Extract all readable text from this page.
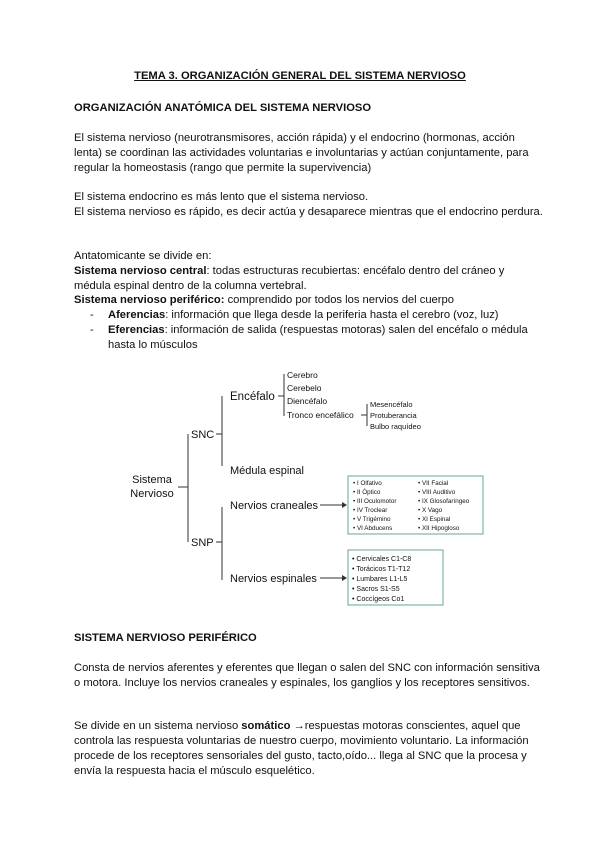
TEMA 3. ORGANIZACIÓN GENERAL DEL SISTEMA NERVIOSO
ORGANIZACIÓN ANATÓMICA DEL SISTEMA NERVIOSO

El sistema nervioso (neurotransmisores, acción rápida) y el endocrino (hormonas, acción lenta) se coordinan las actividades voluntarias e involuntarias y actúan conjuntamente, para regular la homeostasis (rango que permite la supervivencia)

El sistema endocrino es más lento que el sistema nervioso.

El sistema nervioso es rápido, es decir actúa y desaparece mientras que el endocrino perdura.

Antatomicante se divide en:

Sistema nervioso central: todas estructuras recubiertas: encéfalo dentro del cráneo y médula espinal dentro de la columna vertebral.

Sistema nervioso periférico: comprendido por todos los nervios del cuerpo

- Aferencias: información que llega desde la periferia hasta el cerebro (voz, luz)
- Eferencias: información de salida (respuestas motoras) salen del encéfalo o médula hasta lo músculos
Sistema
Nervioso
SNC
SNP
Encéfalo
Médula espinal
Nervios craneales
Nervios espinales
Cerebro
Cerebelo
Diencéfalo
Tronco encefálico
Mesencéfalo
Protuberancia
Bulbo raquídeo
• I Olfativo
• II Óptico
• III Oculomotor
• IV Troclear
• V Trigémino
• VI Abducens
• VII Facial
• VIII Auditivo
• IX Glosofaríngeo
• X Vago
• XI Espinal
• XII Hipogloso
• Cervicales C1-C8
• Torácicos T1-T12
• Lumbares L1-L5
• Sacros S1-S5
• Coccígeos Co1
SISTEMA NERVIOSO PERIFÉRICO

Consta de nervios aferentes y eferentes que llegan o salen del SNC con información sensitiva o motora. Incluye los nervios craneales y espinales, los ganglios y los receptores sensitivos.

Se divide en un sistema nervioso somático →respuestas motoras conscientes, aquel que controla las respuesta voluntarias de nuestro cuerpo, movimiento voluntario. La información procede de los receptores sensoriales del gusto, tacto,oído... llega al SNC que la procesa y envía la respuesta hacia el músculo esquelético.
